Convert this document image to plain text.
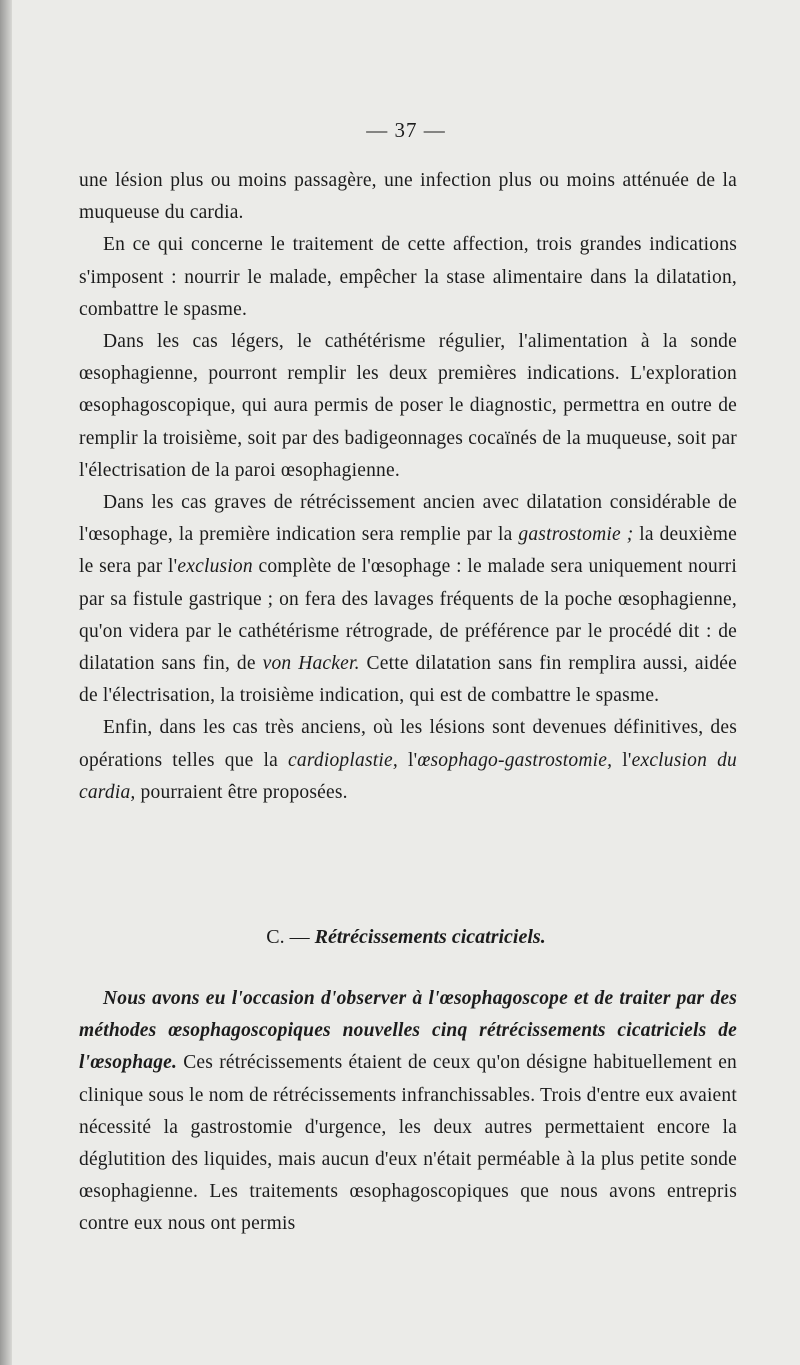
— 37 —

une lésion plus ou moins passagère, une infection plus ou moins atténuée de la muqueuse du cardia.

En ce qui concerne le traitement de cette affection, trois grandes indications s'imposent : nourrir le malade, empêcher la stase alimentaire dans la dilatation, combattre le spasme.

Dans les cas légers, le cathétérisme régulier, l'alimentation à la sonde œsophagienne, pourront remplir les deux premières indications. L'exploration œsophagoscopique, qui aura permis de poser le diagnostic, permettra en outre de remplir la troisième, soit par des badigeonnages cocaïnés de la muqueuse, soit par l'électrisation de la paroi œsophagienne.

Dans les cas graves de rétrécissement ancien avec dilatation considérable de l'œsophage, la première indication sera remplie par la gastrostomie ; la deuxième le sera par l'exclusion complète de l'œsophage : le malade sera uniquement nourri par sa fistule gastrique ; on fera des lavages fréquents de la poche œsophagienne, qu'on videra par le cathétérisme rétrograde, de préférence par le procédé dit : de dilatation sans fin, de von Hacker. Cette dilatation sans fin remplira aussi, aidée de l'électrisation, la troisième indication, qui est de combattre le spasme.

Enfin, dans les cas très anciens, où les lésions sont devenues définitives, des opérations telles que la cardioplastie, l'œsophago-gastrostomie, l'exclusion du cardia, pourraient être proposées.

C. — Rétrécissements cicatriciels.

Nous avons eu l'occasion d'observer à l'œsophagoscope et de traiter par des méthodes œsophagoscopiques nouvelles cinq rétrécissements cicatriciels de l'œsophage. Ces rétrécissements étaient de ceux qu'on désigne habituellement en clinique sous le nom de rétrécissements infranchissables. Trois d'entre eux avaient nécessité la gastrostomie d'urgence, les deux autres permettaient encore la déglutition des liquides, mais aucun d'eux n'était perméable à la plus petite sonde œsophagienne. Les traitements œsophagoscopiques que nous avons entrepris contre eux nous ont permis
